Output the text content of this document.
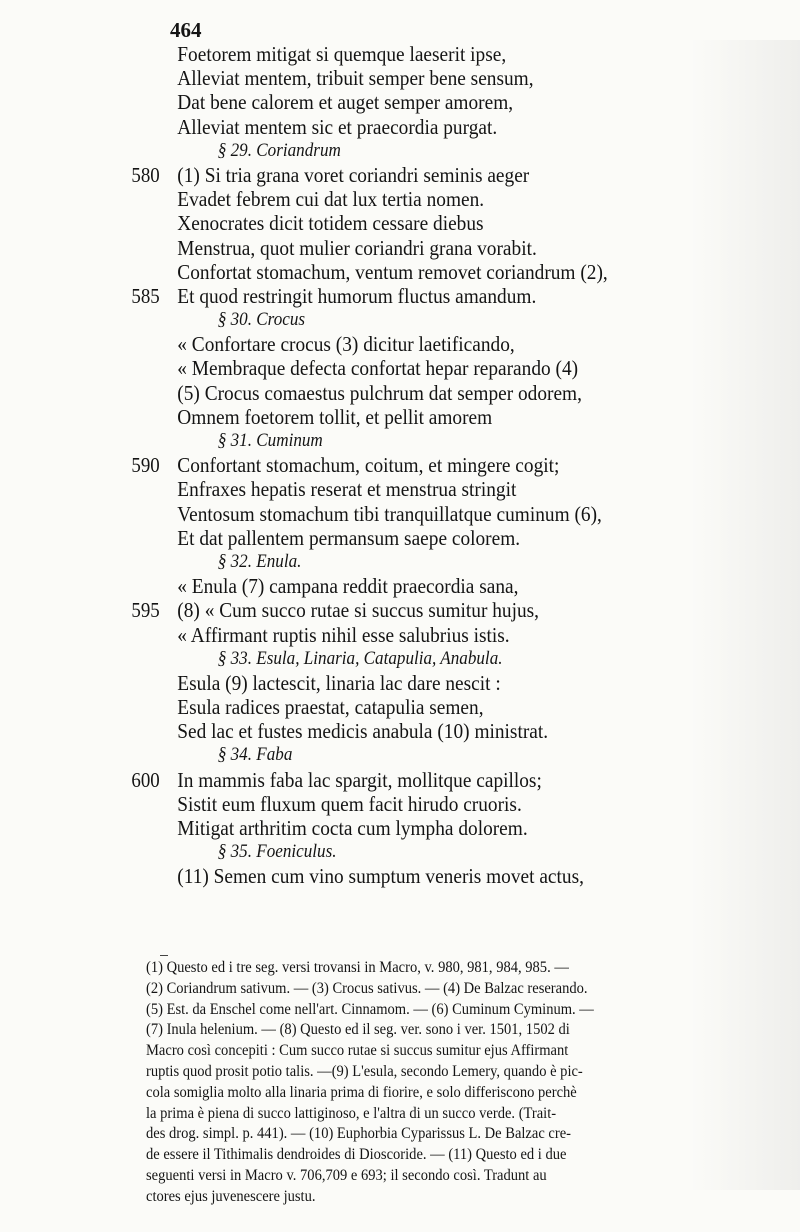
464
Foetorem mitigat si quemque laeserit ipse,
Alleviat mentem, tribuit semper bene sensum,
Dat bene calorem et auget semper amorem,
Alleviat mentem sic et praecordia purgat.
§ 29. Coriandrum
580 (1) Si tria grana voret coriandri seminis aeger
Evadet febrem cui dat lux tertia nomen.
Xenocrates dicit totidem cessare diebus
Menstrua, quot mulier coriandri grana vorabit.
Confortat stomachum, ventum removet coriandrum (2),
585 Et quod restringit humorum fluctus amandum.
§ 30. Crocus
« Confortare crocus (3) dicitur laetificando,
« Membraque defecta confortat hepar reparando (4)
(5) Crocus comaestus pulchrum dat semper odorem,
Omnem foetorem tollit, et pellit amorem
§ 31. Cuminum
590 Confortant stomachum, coitum, et mingere cogit;
Enfraxes hepatis reserat et menstrua stringit
Ventosum stomachum tibi tranquillatque cuminum (6),
Et dat pallentem permansum saepe colorem.
§ 32. Enula.
« Enula (7) campana reddit praecordia sana,
595 (8) « Cum succo rutae si succus sumitur hujus,
« Affirmant ruptis nihil esse salubrius istis.
§ 33. Esula, Linaria, Catapulia, Anabula.
Esula (9) lactescit, linaria lac dare nescit :
Esula radices praestat, catapulia semen,
Sed lac et fustes medicis anabula (10) ministrat.
§ 34. Faba
600 In mammis faba lac spargit, mollitque capillos;
Sistit eum fluxum quem facit hirudo cruoris.
Mitigat arthritim cocta cum lympha dolorem.
§ 35. Foeniculus.
(11) Semen cum vino sumptum veneris movet actus,
(1) Questo ed i tre seg. versi trovansi in Macro, v. 980, 981, 984, 985. —
(2) Coriandrum sativum. — (3) Crocus sativus. — (4) De Balzac reserando.
(5) Est. da Enschel come nell'art. Cinnamom. — (6) Cuminum Cyminum. —
(7) Inula helenium. — (8) Questo ed il seg. ver. sono i ver. 1501, 1502 di
Macro così concepiti : Cum succo rutae si succus sumitur ejus Affirmant
ruptis quod prosit potio talis. —(9) L'esula, secondo Lemery, quando è pic-
cola somiglia molto alla linaria prima di fiorire, e solo differiscono perchè
la prima è piena di succo lattiginoso, e l'altra di un succo verde. (Trait-
des drog. simpl. p. 441). — (10) Euphorbia Cyparissus L. De Balzac cre-
de essere il Tithimalis dendroides di Dioscoride. — (11) Questo ed i due
seguenti versi in Macro v. 706,709 e 693; il secondo così. Tradunt au
ctores ejus juvenescere justu.
